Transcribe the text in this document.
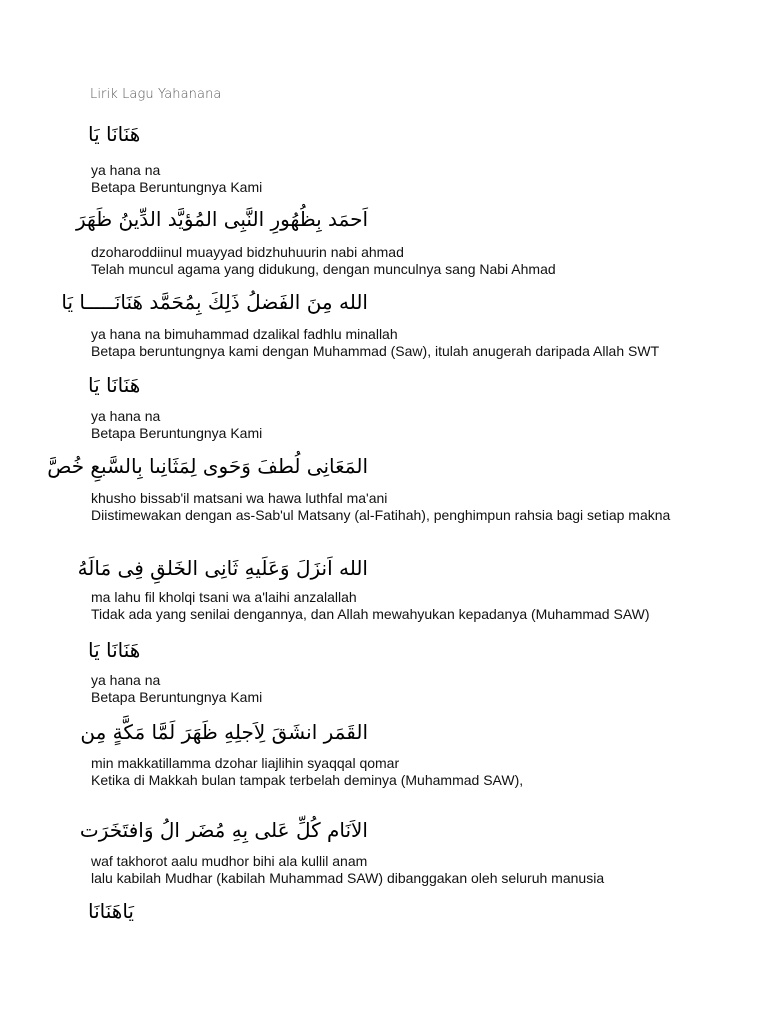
Lirik Lagu Yahanana
هَنَانَا يَا
ya hana na
Betapa Beruntungnya Kami
اَحمَد بِظُهُورِ النَّبِى المُؤيَّد الدِّينُ ظَهَرَ
dzoharoddiinul muayyad bidzhuhuurin nabi ahmad
Telah muncul agama yang didukung, dengan munculnya sang Nabi Ahmad
الله مِنَ الفَضلُ ذَلِكَ بِمُحَمَّد هَنَانَـــــا يَا
ya hana na bimuhammad dzalikal fadhlu minallah
Betapa beruntungnya kami dengan Muhammad (Saw), itulah anugerah daripada Allah SWT
هَنَانَا يَا
ya hana na
Betapa Beruntungnya Kami
المَعَانِى لُطفَ وَحَوى لِمَثَانِىا بِالسَّبعِ خُصَّ
khusho bissab'il matsani wa hawa luthfal ma'ani
Diistimewakan dengan as-Sab'ul Matsany (al-Fatihah), penghimpun rahsia bagi setiap makna
الله اَنزَلَ وَعَلَيهِ ثَانِى الخَلقِ فِى مَالَهُ
ma lahu fil kholqi tsani wa a'laihi anzalallah
Tidak ada yang senilai dengannya, dan Allah mewahyukan kepadanya (Muhammad SAW)
هَنَانَا يَا
ya hana na
Betapa Beruntungnya Kami
القَمَر انشَقَ لِاَجلِهِ ظَهَرَ لَمَّا مَكَّةٍ مِن
min makkatillamma dzohar liajlihin syaqqal qomar
Ketika di Makkah bulan tampak terbelah deminya (Muhammad SAW),
الاَنَام كُلِّ عَلى بِهِ مُضَر الُ وَافتَخَرَت
waf takhorot aalu mudhor bihi ala kullil anam
lalu kabilah Mudhar (kabilah Muhammad SAW) dibanggakan oleh seluruh manusia
يَاهَنَانَا
